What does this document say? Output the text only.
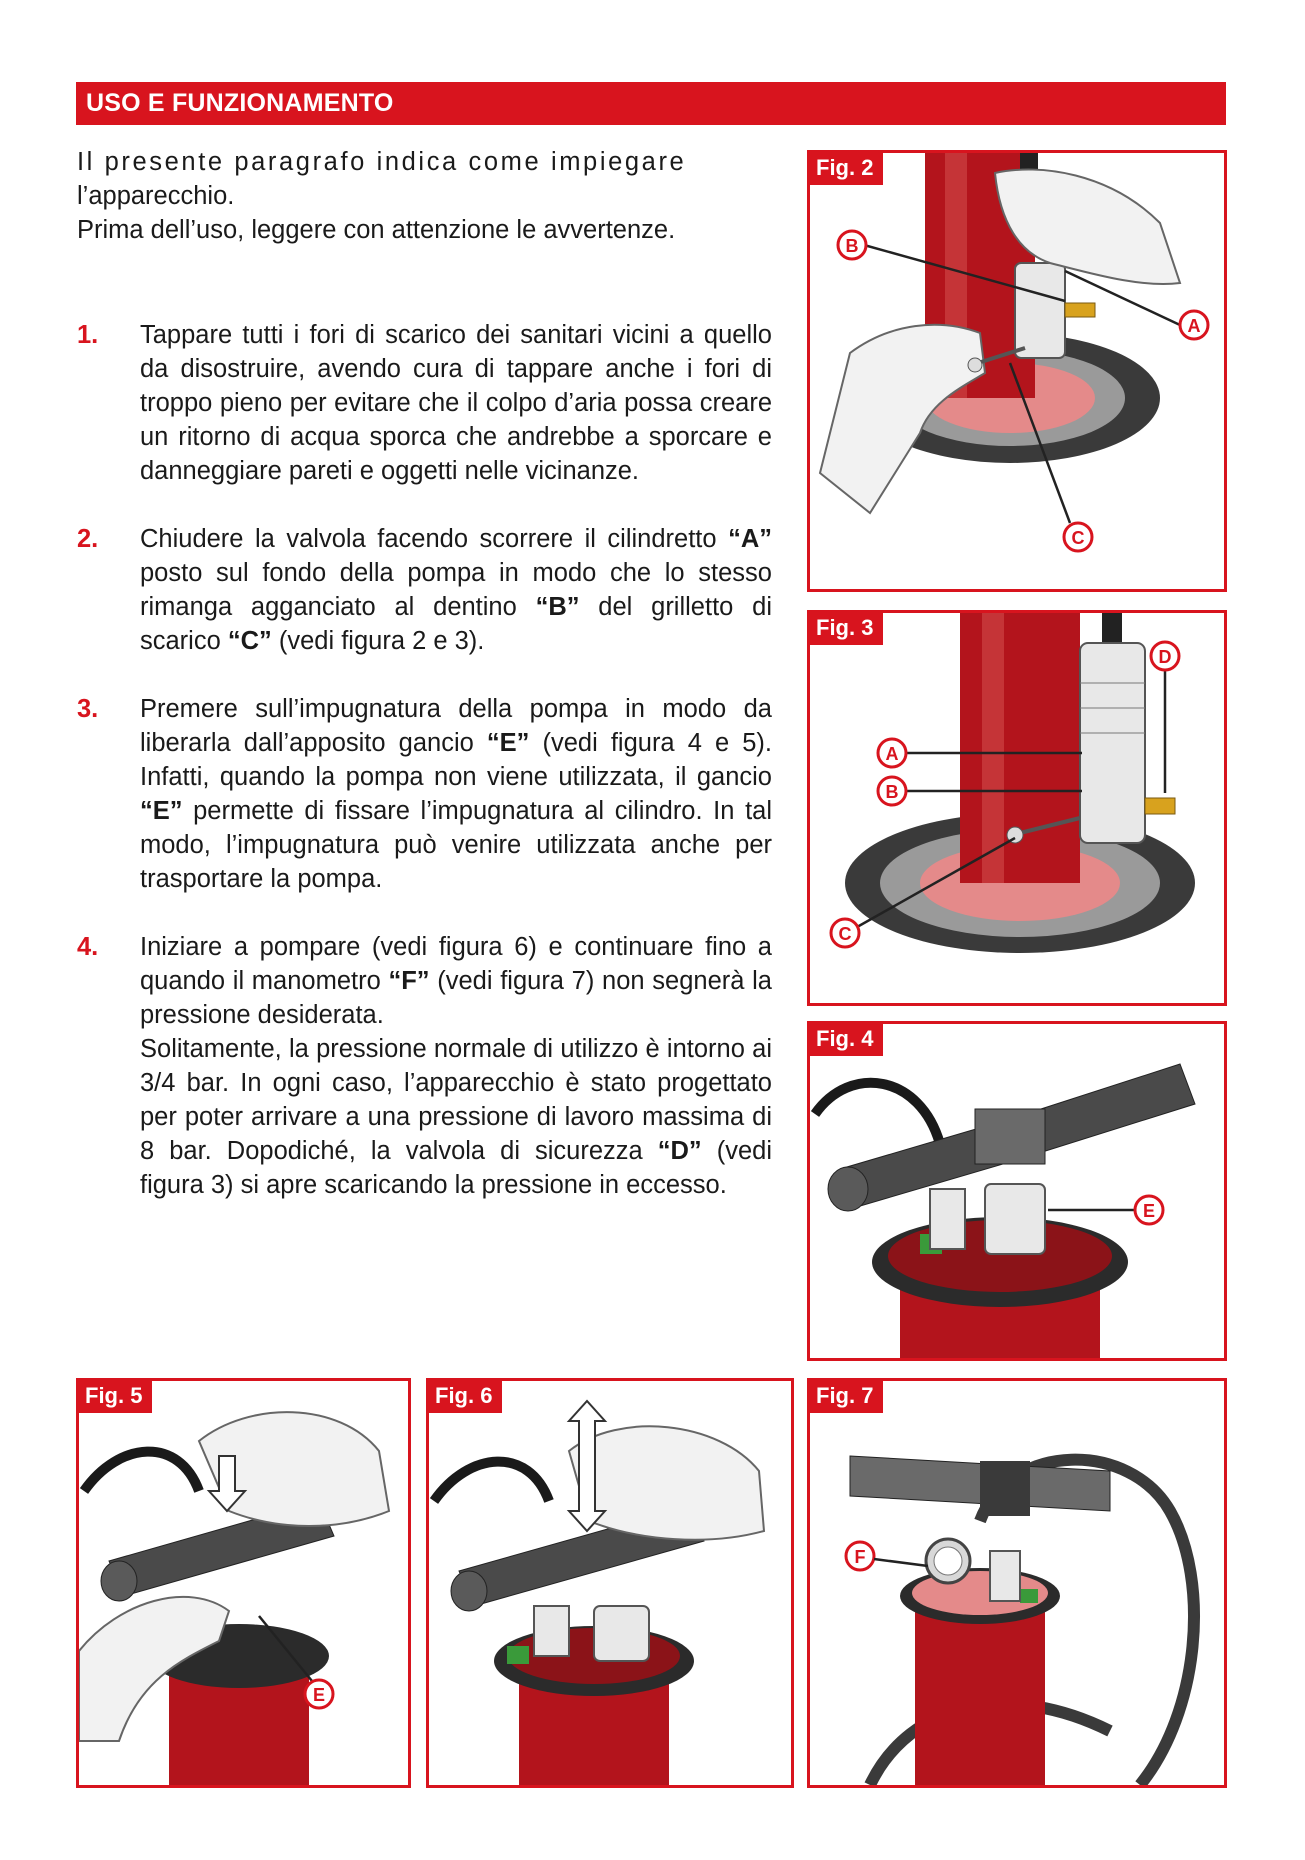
USO E FUNZIONAMENTO

Il presente paragrafo indica come impiegare

l’apparecchio.

Prima dell’uso, leggere con attenzione le avvertenze.

1. Tappare tutti i fori di scarico dei sanitari vicini a quello da disostruire, avendo cura di tappare anche i fori di troppo pieno per evitare che il colpo d’aria possa creare un ritorno di acqua sporca che andrebbe a sporcare e danneggiare pareti e oggetti nelle vicinanze.

2. Chiudere la valvola facendo scorrere il cilindretto “A” posto sul fondo della pompa in modo che lo stesso rimanga agganciato al dentino “B” del grilletto di scarico “C” (vedi figura 2 e 3).

3. Premere sull’impugnatura della pompa in modo da liberarla dall’apposito gancio “E” (vedi figura 4 e 5). Infatti, quando la pompa non viene utilizzata, il gancio “E” permette di fissare l’impugnatura al cilindro. In tal modo, l’impugnatura può venire utilizzata anche per trasportare la pompa.

4. Iniziare a pompare (vedi figura 6) e continuare fino a quando il manometro “F” (vedi figura 7) non segnerà la pressione desiderata.
Solitamente, la pressione normale di utilizzo è intorno ai 3/4 bar. In ogni caso, l’apparecchio è stato progettato per poter arrivare a una pressione di lavoro massima di 8 bar. Dopodiché, la valvola di sicurezza “D” (vedi figura 3) si apre scaricando la pressione in eccesso.

Fig. 2
B
A
C
Fig. 3
A
B
D
C
Fig. 4
E
Fig. 5
E
Fig. 6	Fig. 7
F
